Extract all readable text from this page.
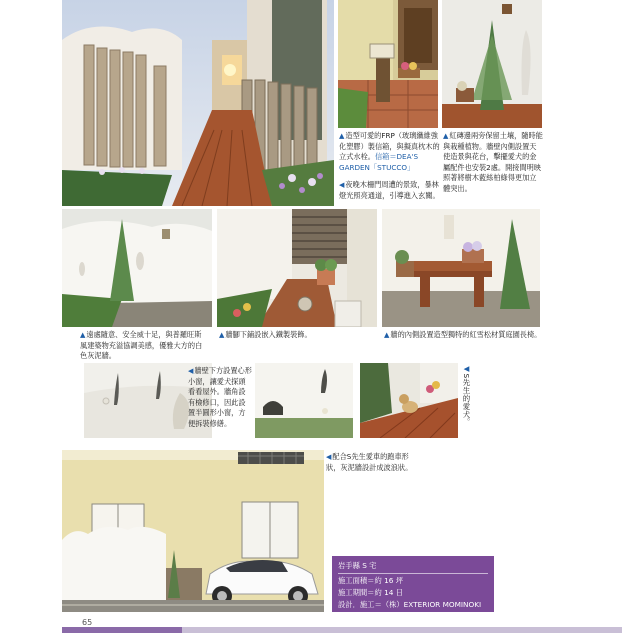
▲造型可愛的FRP（玻璃纖維強化塑膠）製信箱，與擬真枕木的立式水栓。信箱＝DEA'S GARDEN「STUCCO」
◀夜晚木柵門周遭的景致，暴林燈光照亮通道，引導進入玄關。
▲紅磚邊兩旁保留土壤，隨時能與栽種植物。牆壁內側設置天使造景與花台，擊擺愛犬的金屬配件也安裝2處。開接間明映照著將樹木藍絲柏綠得更加立體突出。
▲遠處隨意、安全威十足，與普羅旺斯風建築物充溢協調美感，優雅大方的白色灰泥牆。
▲牆腳下鋪設嵌入鐵製裝飾。	▲牆的內側設置造型獨特的紅雪松材質庭園長椅。
◀牆壁下方設置心形小窗，讓愛犬探頭看看屋外。牆角設有檢修口，因此設置半圓形小窗，方便拆裝修繕。
◀S先生的愛犬。
◀配合S先生愛車的跑車形狀，灰泥牆設計成波浪狀。
岩手縣 S 宅
施工面積＝約 16 坪
施工期間＝約 14 日
設計．施工＝（株）EXTERIOR MOMINOKI
65
